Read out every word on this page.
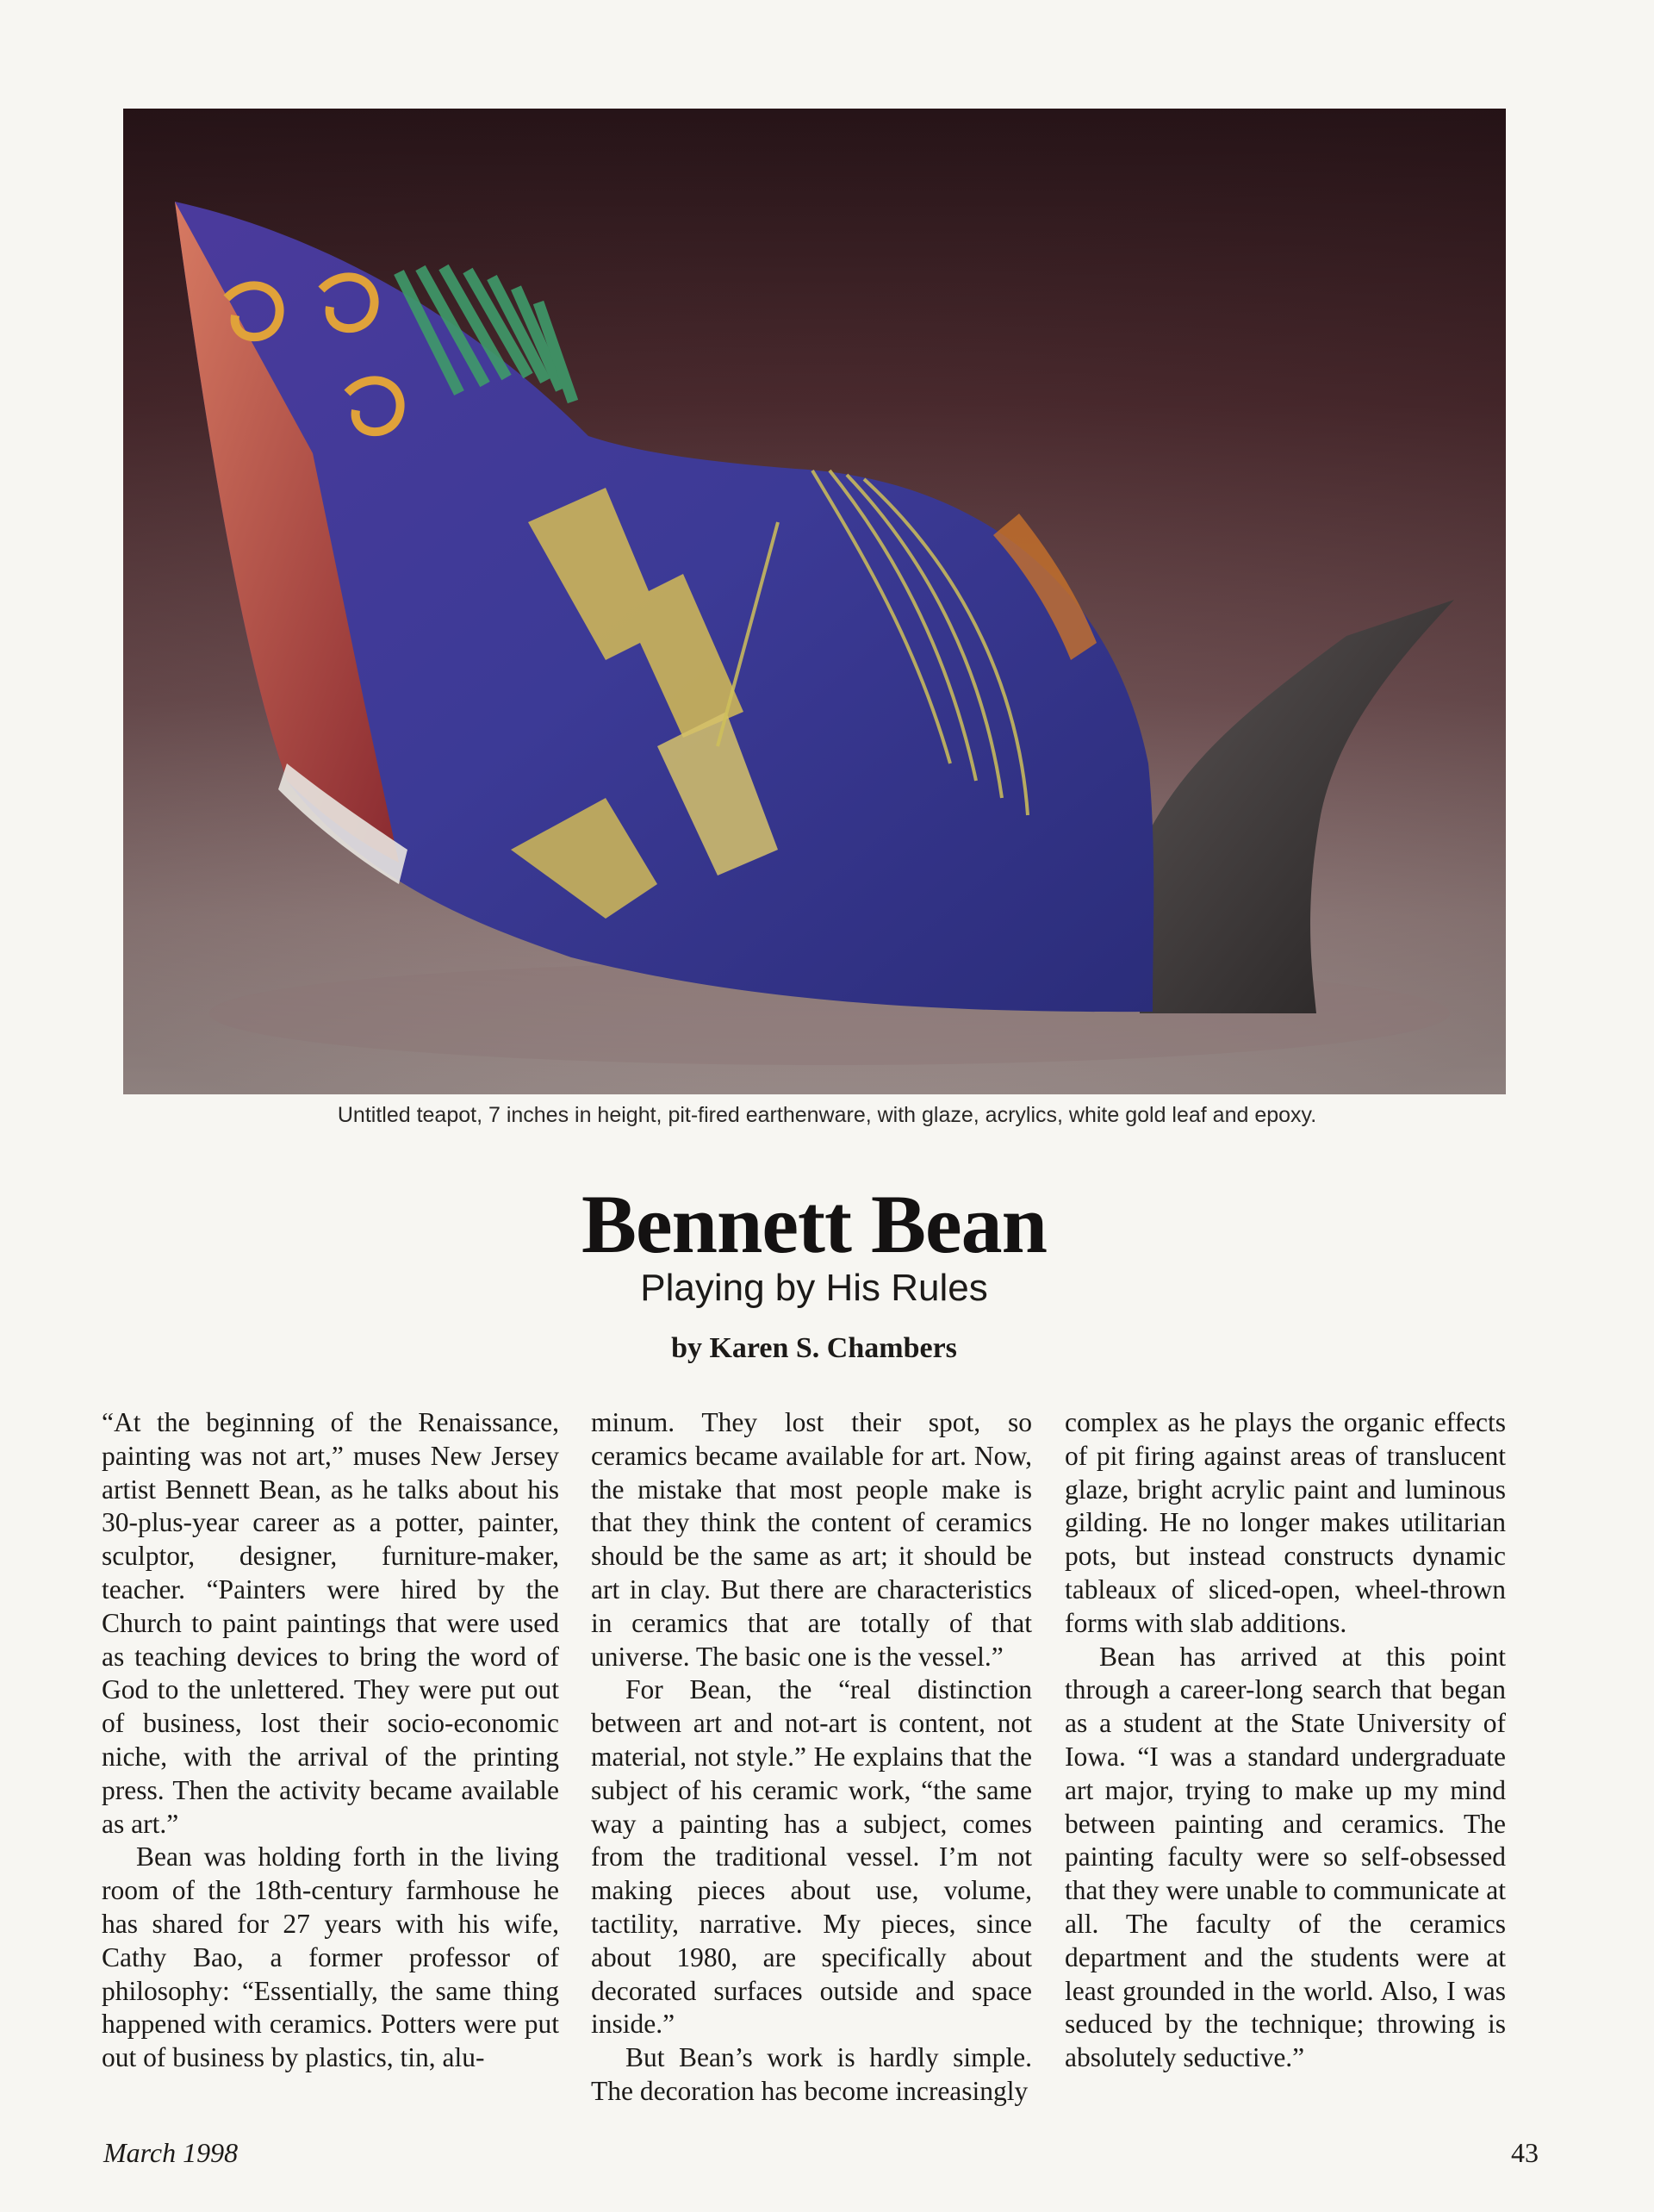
Untitled teapot, 7 inches in height, pit-fired earthenware, with glaze, acrylics, white gold leaf and epoxy.
Bennett Bean
Playing by His Rules
by Karen S. Chambers

“At the beginning of the Renaissance, painting was not art,” muses New Jersey artist Bennett Bean, as he talks about his 30-plus-year career as a potter, painter, sculptor, designer, furniture-maker, teacher. “Painters were hired by the Church to paint paintings that were used as teaching devices to bring the word of God to the unlettered. They were put out of business, lost their socio-economic niche, with the arrival of the printing press. Then the activity became available as art.”

Bean was holding forth in the living room of the 18th-century farmhouse he has shared for 27 years with his wife, Cathy Bao, a former professor of philosophy: “Essentially, the same thing happened with ceramics. Potters were put out of business by plastics, tin, alu-

minum. They lost their spot, so ceramics became available for art. Now, the mistake that most people make is that they think the content of ceramics should be the same as art; it should be art in clay. But there are characteristics in ceramics that are totally of that universe. The basic one is the vessel.”

For Bean, the “real distinction between art and not-art is content, not material, not style.” He explains that the subject of his ceramic work, “the same way a painting has a subject, comes from the traditional vessel. I’m not making pieces about use, volume, tactility, narrative. My pieces, since about 1980, are specifically about decorated surfaces outside and space inside.”

But Bean’s work is hardly simple. The decoration has become increasingly

complex as he plays the organic effects of pit firing against areas of translucent glaze, bright acrylic paint and luminous gilding. He no longer makes utilitarian pots, but instead constructs dynamic tableaux of sliced-open, wheel-thrown forms with slab additions.

Bean has arrived at this point through a career-long search that began as a student at the State University of Iowa. “I was a standard undergraduate art major, trying to make up my mind between painting and ceramics. The painting faculty were so self-obsessed that they were unable to communicate at all. The faculty of the ceramics department and the students were at least grounded in the world. Also, I was seduced by the technique; throwing is absolutely seductive.”

March 1998	43
